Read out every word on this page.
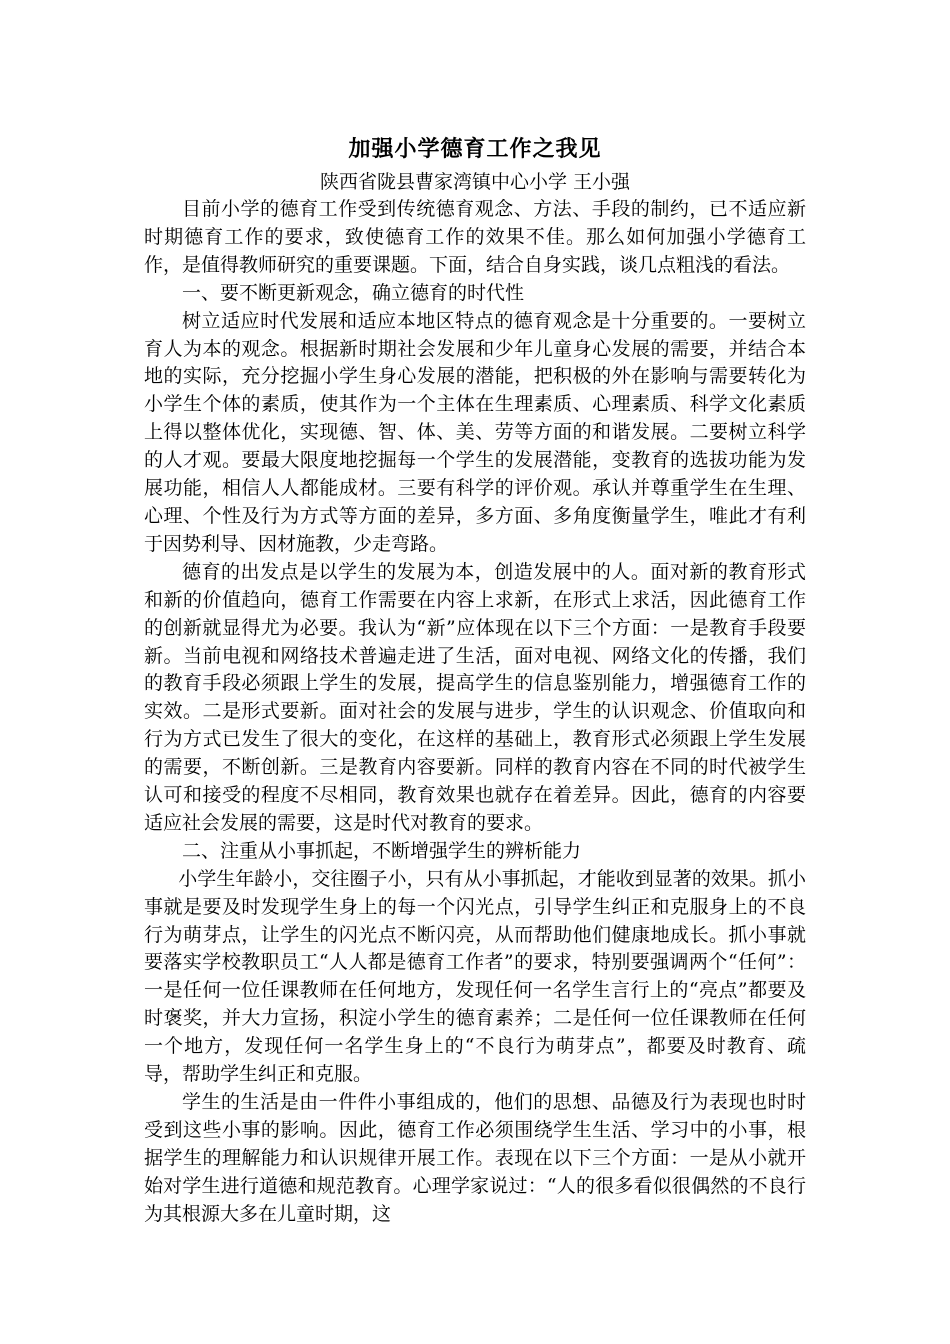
加强小学德育工作之我见
陕西省陇县曹家湾镇中心小学 王小强

目前小学的德育工作受到传统德育观念、方法、手段的制约，已不适应新时期德育工作的要求，致使德育工作的效果不佳。那么如何加强小学德育工作，是值得教师研究的重要课题。下面，结合自身实践，谈几点粗浅的看法。

一、要不断更新观念，确立德育的时代性

树立适应时代发展和适应本地区特点的德育观念是十分重要的。一要树立育人为本的观念。根据新时期社会发展和少年儿童身心发展的需要，并结合本地的实际，充分挖掘小学生身心发展的潜能，把积极的外在影响与需要转化为小学生个体的素质，使其作为一个主体在生理素质、心理素质、科学文化素质上得以整体优化，实现德、智、体、美、劳等方面的和谐发展。二要树立科学的人才观。要最大限度地挖掘每一个学生的发展潜能，变教育的选拔功能为发展功能，相信人人都能成材。三要有科学的评价观。承认并尊重学生在生理、心理、个性及行为方式等方面的差异，多方面、多角度衡量学生，唯此才有利于因势利导、因材施教，少走弯路。

德育的出发点是以学生的发展为本，创造发展中的人。面对新的教育形式和新的价值趋向，德育工作需要在内容上求新，在形式上求活，因此德育工作的创新就显得尤为必要。我认为“新”应体现在以下三个方面：一是教育手段要新。当前电视和网络技术普遍走进了生活，面对电视、网络文化的传播，我们的教育手段必须跟上学生的发展，提高学生的信息鉴别能力，增强德育工作的实效。二是形式要新。面对社会的发展与进步，学生的认识观念、价值取向和行为方式已发生了很大的变化，在这样的基础上，教育形式必须跟上学生发展的需要，不断创新。三是教育内容要新。同样的教育内容在不同的时代被学生认可和接受的程度不尽相同，教育效果也就存在着差异。因此，德育的内容要适应社会发展的需要，这是时代对教育的要求。

二、注重从小事抓起，不断增强学生的辨析能力

小学生年龄小，交往圈子小，只有从小事抓起，才能收到显著的效果。抓小事就是要及时发现学生身上的每一个闪光点，引导学生纠正和克服身上的不良行为萌芽点，让学生的闪光点不断闪亮，从而帮助他们健康地成长。抓小事就要落实学校教职员工“人人都是德育工作者”的要求，特别要强调两个“任何”：一是任何一位任课教师在任何地方，发现任何一名学生言行上的“亮点”都要及时褒奖，并大力宣扬，积淀小学生的德育素养；二是任何一位任课教师在任何一个地方，发现任何一名学生身上的“不良行为萌芽点”，都要及时教育、疏导，帮助学生纠正和克服。

学生的生活是由一件件小事组成的，他们的思想、品德及行为表现也时时受到这些小事的影响。因此，德育工作必须围绕学生生活、学习中的小事，根据学生的理解能力和认识规律开展工作。表现在以下三个方面：一是从小就开始对学生进行道德和规范教育。心理学家说过：“人的很多看似很偶然的不良行为其根源大多在儿童时期，这
